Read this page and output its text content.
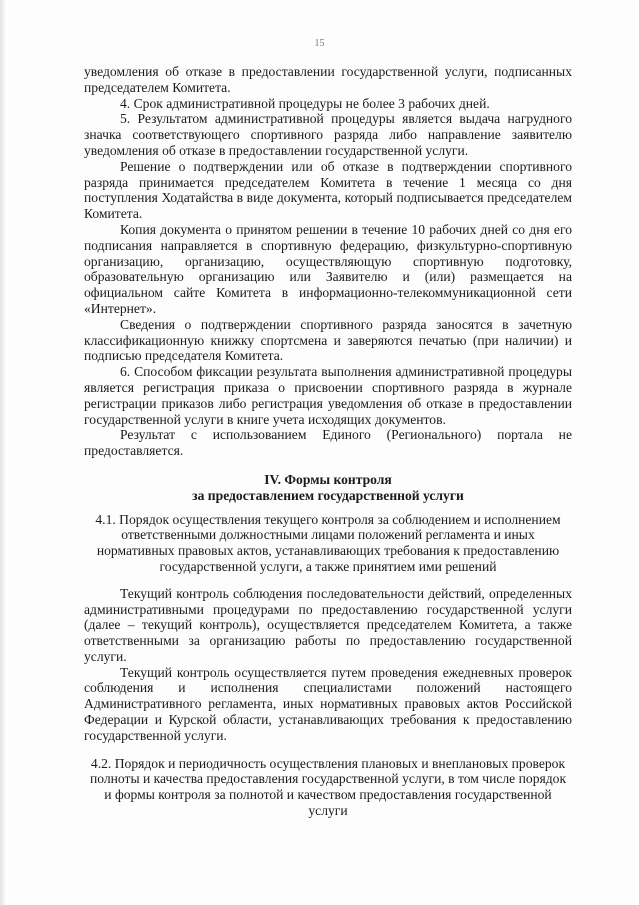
15

уведомления об отказе в предоставлении государственной услуги, подписанных председателем Комитета.

4. Срок административной процедуры не более 3 рабочих дней.

5. Результатом административной процедуры является выдача нагрудного значка соответствующего спортивного разряда либо направление заявителю уведомления об отказе в предоставлении государственной услуги.

Решение о подтверждении или об отказе в подтверждении спортивного разряда принимается председателем Комитета в течение 1 месяца со дня поступления Ходатайства в виде документа, который подписывается председателем Комитета.

Копия документа о принятом решении в течение 10 рабочих дней со дня его подписания направляется в спортивную федерацию, физкультурно-спортивную организацию, организацию, осуществляющую спортивную подготовку, образовательную организацию или Заявителю и (или) размещается на официальном сайте Комитета в информационно-телекоммуникационной сети «Интернет».

Сведения о подтверждении спортивного разряда заносятся в зачетную классификационную книжку спортсмена и заверяются печатью (при наличии) и подписью председателя Комитета.

6. Способом фиксации результата выполнения административной процедуры является регистрация приказа о присвоении спортивного разряда в журнале регистрации приказов либо регистрация уведомления об отказе в предоставлении государственной услуги в книге учета исходящих документов.

Результат с использованием Единого (Регионального) портала не предоставляется.

IV. Формы контроля
за предоставлением государственной услуги
4.1. Порядок осуществления текущего контроля за соблюдением и исполнением ответственными должностными лицами положений регламента и иных нормативных правовых актов, устанавливающих требования к предоставлению государственной услуги, а также принятием ими решений

Текущий контроль соблюдения последовательности действий, определенных административными процедурами по предоставлению государственной услуги (далее – текущий контроль), осуществляется председателем Комитета, а также ответственными за организацию работы по предоставлению государственной услуги.

Текущий контроль осуществляется путем проведения ежедневных проверок соблюдения и исполнения специалистами положений настоящего Административного регламента, иных нормативных правовых актов Российской Федерации и Курской области, устанавливающих требования к предоставлению государственной услуги.

4.2. Порядок и периодичность осуществления плановых и внеплановых проверок полноты и качества предоставления государственной услуги, в том числе порядок и формы контроля за полнотой и качеством предоставления государственной услуги
